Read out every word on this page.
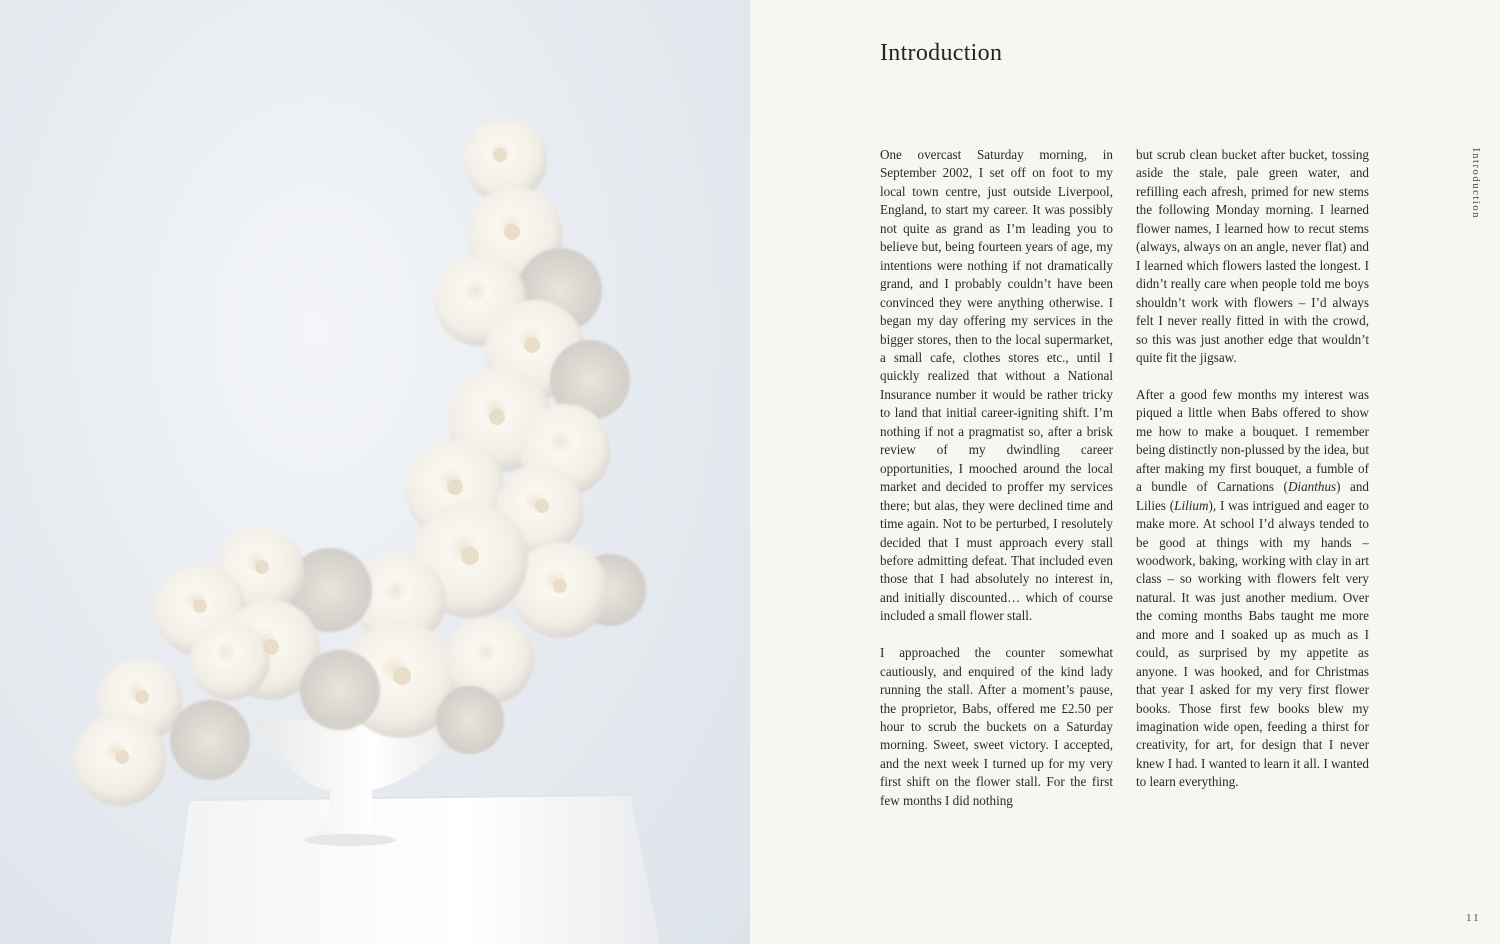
Introduction

One overcast Saturday morning, in September 2002, I set off on foot to my local town centre, just outside Liverpool, England, to start my career. It was possibly not quite as grand as I’m leading you to believe but, being fourteen years of age, my intentions were nothing if not dramatically grand, and I probably couldn’t have been convinced they were anything otherwise. I began my day offering my services in the bigger stores, then to the local supermarket, a small cafe, clothes stores etc., until I quickly realized that without a National Insurance number it would be rather tricky to land that initial career-igniting shift. I’m nothing if not a pragmatist so, after a brisk review of my dwindling career opportunities, I mooched around the local market and decided to proffer my services there; but alas, they were declined time and time again. Not to be perturbed, I resolutely decided that I must approach every stall before admitting defeat. That included even those that I had absolutely no interest in, and initially discounted… which of course included a small flower stall.

I approached the counter somewhat cautiously, and enquired of the kind lady running the stall. After a moment’s pause, the proprietor, Babs, offered me £2.50 per hour to scrub the buckets on a Saturday morning. Sweet, sweet victory. I accepted, and the next week I turned up for my very first shift on the flower stall. For the first few months I did nothing

but scrub clean bucket after bucket, tossing aside the stale, pale green water, and refilling each afresh, primed for new stems the following Monday morning. I learned flower names, I learned how to recut stems (always, always on an angle, never flat) and I learned which flowers lasted the longest. I didn’t really care when people told me boys shouldn’t work with flowers – I’d always felt I never really fitted in with the crowd, so this was just another edge that wouldn’t quite fit the jigsaw.

After a good few months my interest was piqued a little when Babs offered to show me how to make a bouquet. I remember being distinctly non-plussed by the idea, but after making my first bouquet, a fumble of a bundle of Carnations (Dianthus) and Lilies (Lilium), I was intrigued and eager to make more. At school I’d always tended to be good at things with my hands – woodwork, baking, working with clay in art class – so working with flowers felt very natural. It was just another medium. Over the coming months Babs taught me more and more and I soaked up as much as I could, as surprised by my appetite as anyone. I was hooked, and for Christmas that year I asked for my very first flower books. Those first few books blew my imagination wide open, feeding a thirst for creativity, for art, for design that I never knew I had. I wanted to learn it all. I wanted to learn everything.

Introduction
11
